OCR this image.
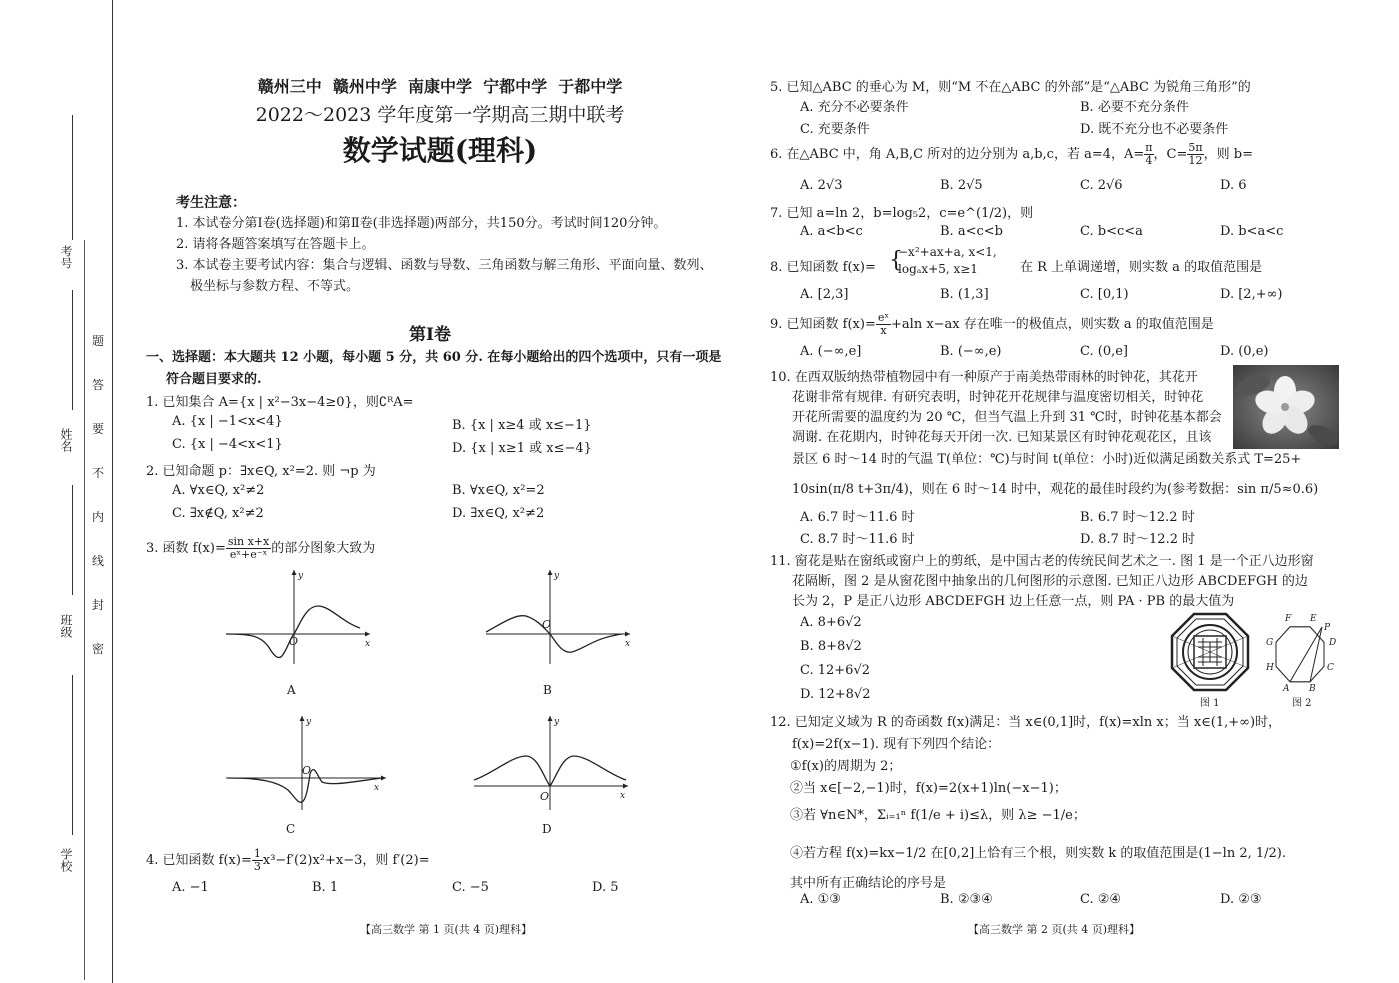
考号
姓名
班级
学校
题
答
要
不
内
线
封
密
赣州三中  赣州中学  南康中学  宁都中学  于都中学
2022～2023 学年度第一学期高三期中联考
数学试题(理科)
考生注意：
1. 本试卷分第Ⅰ卷(选择题)和第Ⅱ卷(非选择题)两部分，共150分。考试时间120分钟。
2. 请将各题答案填写在答题卡上。
3. 本试卷主要考试内容：集合与逻辑、函数与导数、三角函数与解三角形、平面向量、数列、
极坐标与参数方程、不等式。
第Ⅰ卷
一、选择题：本大题共 12 小题，每小题 5 分，共 60 分. 在每小题给出的四个选项中，只有一项是
符合题目要求的.
1. 已知集合 A={x | x²−3x−4≥0}，则∁ᴿA=
A. {x | −1<x<4}	B. {x | x≥4 或 x≤−1}
C. {x | −4<x<1}	D. {x | x≥1 或 x≤−4}
2. 已知命题 p：∃x∈Q, x²=2. 则 ¬p 为
A. ∀x∈Q, x²≠2	B. ∀x∈Q, x²=2
C. ∃x∉Q, x²≠2	D. ∃x∈Q, x²≠2
3. 函数 $f(x)= \frac{\text{sin x+x}}{\text{eˣ+e⁻ˣ}}$ 的部分图象大致为
O
y
x
A
O
y
x
B
O
y
x
C
O
y
x
D
4. 已知函数 $f(x)= \frac{1}{3} x^3-f'(2)x^2+x-3$，则 f′(2)=
A. −1	B. 1	C. −5	D. 5
【高三数学 第 1 页(共 4 页)理科】
5. 已知△ABC 的垂心为 M，则“M 不在△ABC 的外部”是“△ABC 为锐角三角形”的
A. 充分不必要条件	B. 必要不充分条件
C. 充要条件	D. 既不充分也不必要条件
6. 在△ABC 中，角 A,B,C 所对的边分别为 a,b,c，若 a=4，$A= \frac{\pi}{4}$ ，$C= \frac{5\pi}{12}$ ，则 b=
A. 2√3	B. 2√5	C. 2√6	D. 6
7. 已知 a=ln 2，b=log₅2，c=e^(1/2)，则
A. a<b<c	B. a<c<b	C. b<c<a	D. b<a<c
8. 已知函数 f(x)= {
−x²+ax+a, x<1,
logₐx+5, x≥1	在 R 上单调递增，则实数 a 的取值范围是
A. [2,3]	B. (1,3]	C. [0,1)	D. [2,+∞)
9. 已知函数 $f(x)= \frac{\text{eˣ}}{x} +aln$ x−ax 存在唯一的极值点，则实数 a 的取值范围是
A. (−∞,e]	B. (−∞,e)	C. (0,e]	D. (0,e)
10. 在西双版纳热带植物园中有一种原产于南美热带雨林的时钟花，其花开
花谢非常有规律. 有研究表明，时钟花开花规律与温度密切相关，时钟花
开花所需要的温度约为 20 ℃，但当气温上升到 31 ℃时，时钟花基本都会
凋谢. 在花期内，时钟花每天开闭一次. 已知某景区有时钟花观花区，且该
景区 6 时～14 时的气温 T(单位：℃)与时间 t(单位：小时)近似满足函数关系式 T=25+
10sin(π/8 t+3π/4)，则在 6 时～14 时中，观花的最佳时段约为(参考数据：sin π/5≈0.6)
A. 6.7 时～11.6 时	B. 6.7 时～12.2 时
C. 8.7 时～11.6 时	D. 8.7 时～12.2 时
11. 窗花是贴在窗纸或窗户上的剪纸，是中国古老的传统民间艺术之一. 图 1 是一个正八边形窗
花隔断，图 2 是从窗花图中抽象出的几何图形的示意图. 已知正八边形 ABCDEFGH 的边
长为 2，P 是正八边形 ABCDEFGH 边上任意一点，则 PA · PB 的最大值为
A. 8+6√2
B. 8+8√2
C. 12+6√2
D. 12+8√2
图 1
A B
C
D
E
F
G
H
P
图 2
12. 已知定义域为 R 的奇函数 f(x)满足：当 x∈(0,1]时，f(x)=xln x；当 x∈(1,+∞)时，
f(x)=2f(x−1). 现有下列四个结论：
①f(x)的周期为 2；
②当 x∈[−2,−1)时，f(x)=2(x+1)ln(−x−1)；
③若 ∀n∈N*，Σᵢ₌₁ⁿ f(1/e + i)≤λ，则 λ≥ −1/e；
④若方程 f(x)=kx−1/2 在[0,2]上恰有三个根，则实数 k 的取值范围是(1−ln 2, 1/2).
其中所有正确结论的序号是
A. ①③	B. ②③④	C. ②④	D. ②③
【高三数学 第 2 页(共 4 页)理科】
